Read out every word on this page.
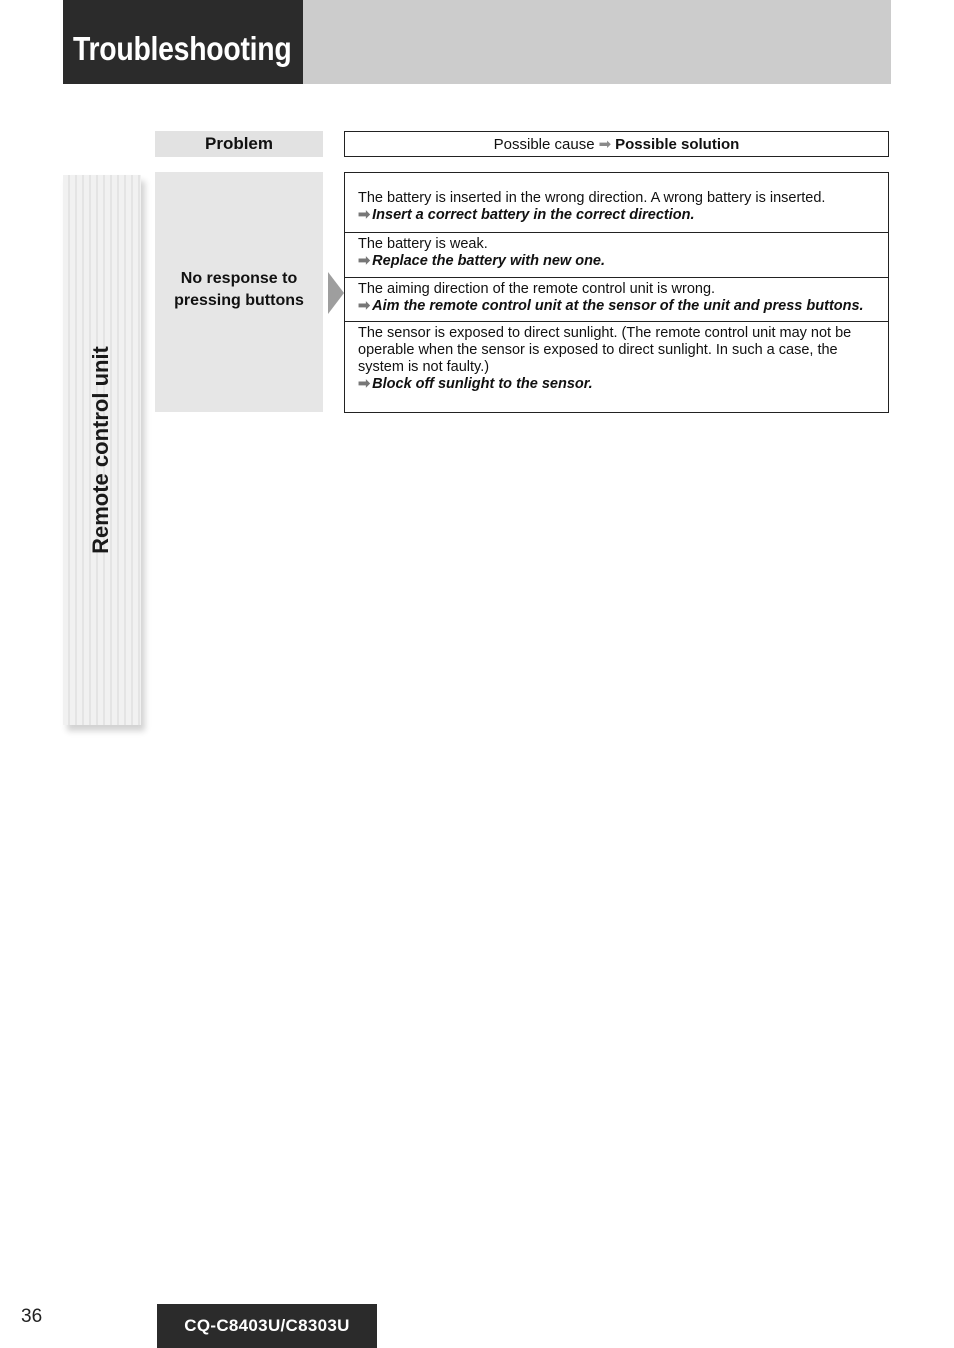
Troubleshooting
Remote control unit
Problem	Possible cause ➡ Possible solution
No response to pressing buttons
The battery is inserted in the wrong direction. A wrong battery is inserted.
➡ Insert a correct battery in the correct direction.
The battery is weak.
➡ Replace the battery with new one.
The aiming direction of the remote control unit is wrong.
➡ Aim the remote control unit at the sensor of the unit and press buttons.
The sensor is exposed to direct sunlight. (The remote control unit may not be operable when the sensor is exposed to direct sunlight. In such a case, the system is not faulty.)
➡ Block off sunlight to the sensor.
36	CQ-C8403U/C8303U
